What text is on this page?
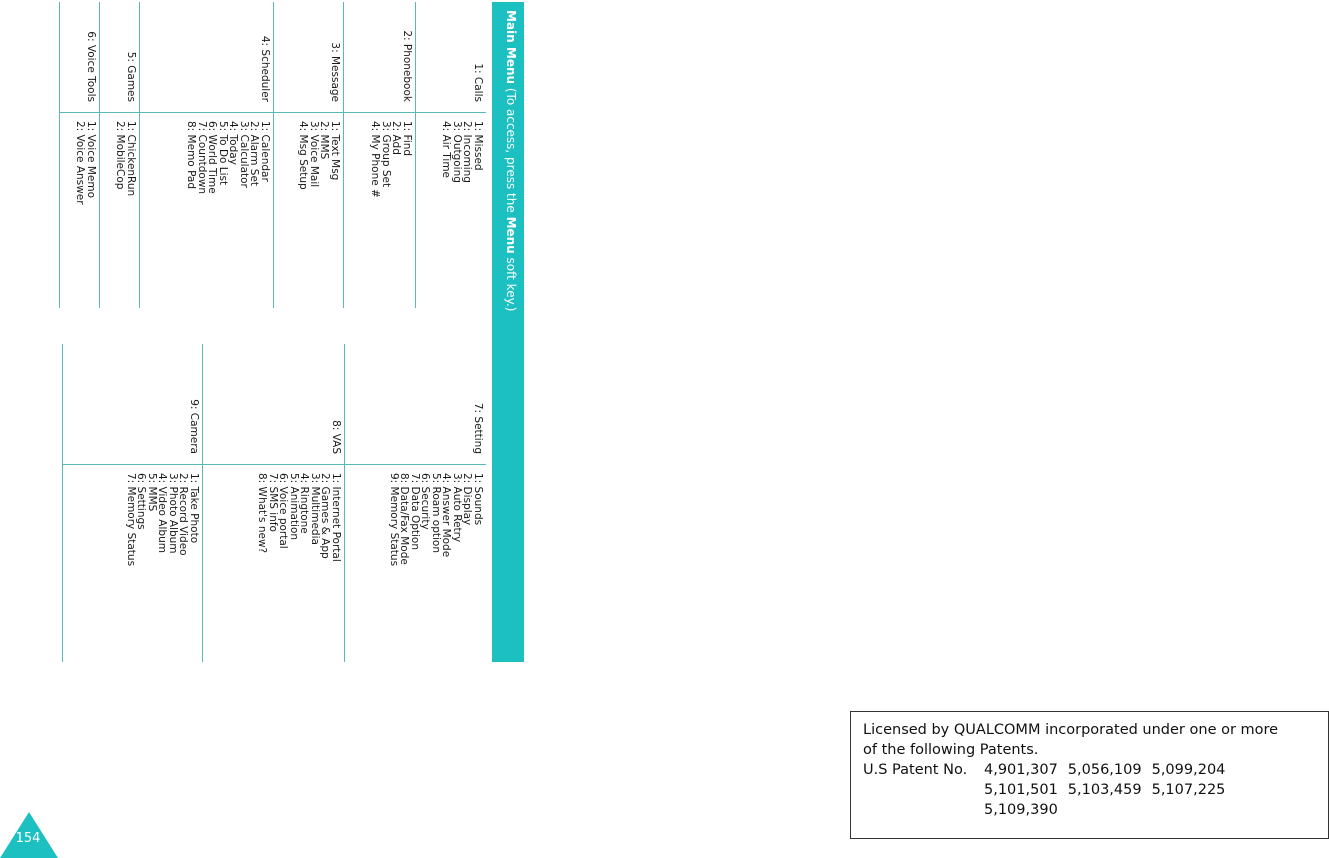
Main Menu (To access, press the Menu soft key.)
1: Calls
1: Missed
2: Incoming
3: Outgoing
4: Air Time
2: Phonebook
1: Find
2: Add
3: Group Set
4: My Phone #
3: Message
1: Text Msg
2: MMS
3: Voice Mail
4: Msg Setup
4: Scheduler
1: Calendar
2: Alarm Set
3: Calculator
4: Today
5: To Do List
6: World Time
7: Countdown
8: Memo Pad
5: Games
1: ChickenRun
2: MobileCop
6: Voice Tools
1: Voice Memo
2: Voice Answer
7: Setting
1: Sounds
2: Display
3: Auto Retry
4: Answer Mode
5: Roam option
6: Security
7: Data Option
8: Data/Fax Mode
9: Memory Status
8: VAS
1: Internet Portal
2: Games & App
3: Multimedia
4: Ringtone
5: Animation
6: Voice portal
7: SMS info
8: What's new?
9: Camera
1: Take Photo
2: Record Video
3: Photo Album
4: Video Album
5: MMS
6: Settings
7: Memory Status
Licensed by QUALCOMM incorporated under one or more
of the following Patents.
U.S Patent No.	4,901,307 5,056,109 5,099,204
5,101,501 5,103,459 5,107,225
5,109,390
154
